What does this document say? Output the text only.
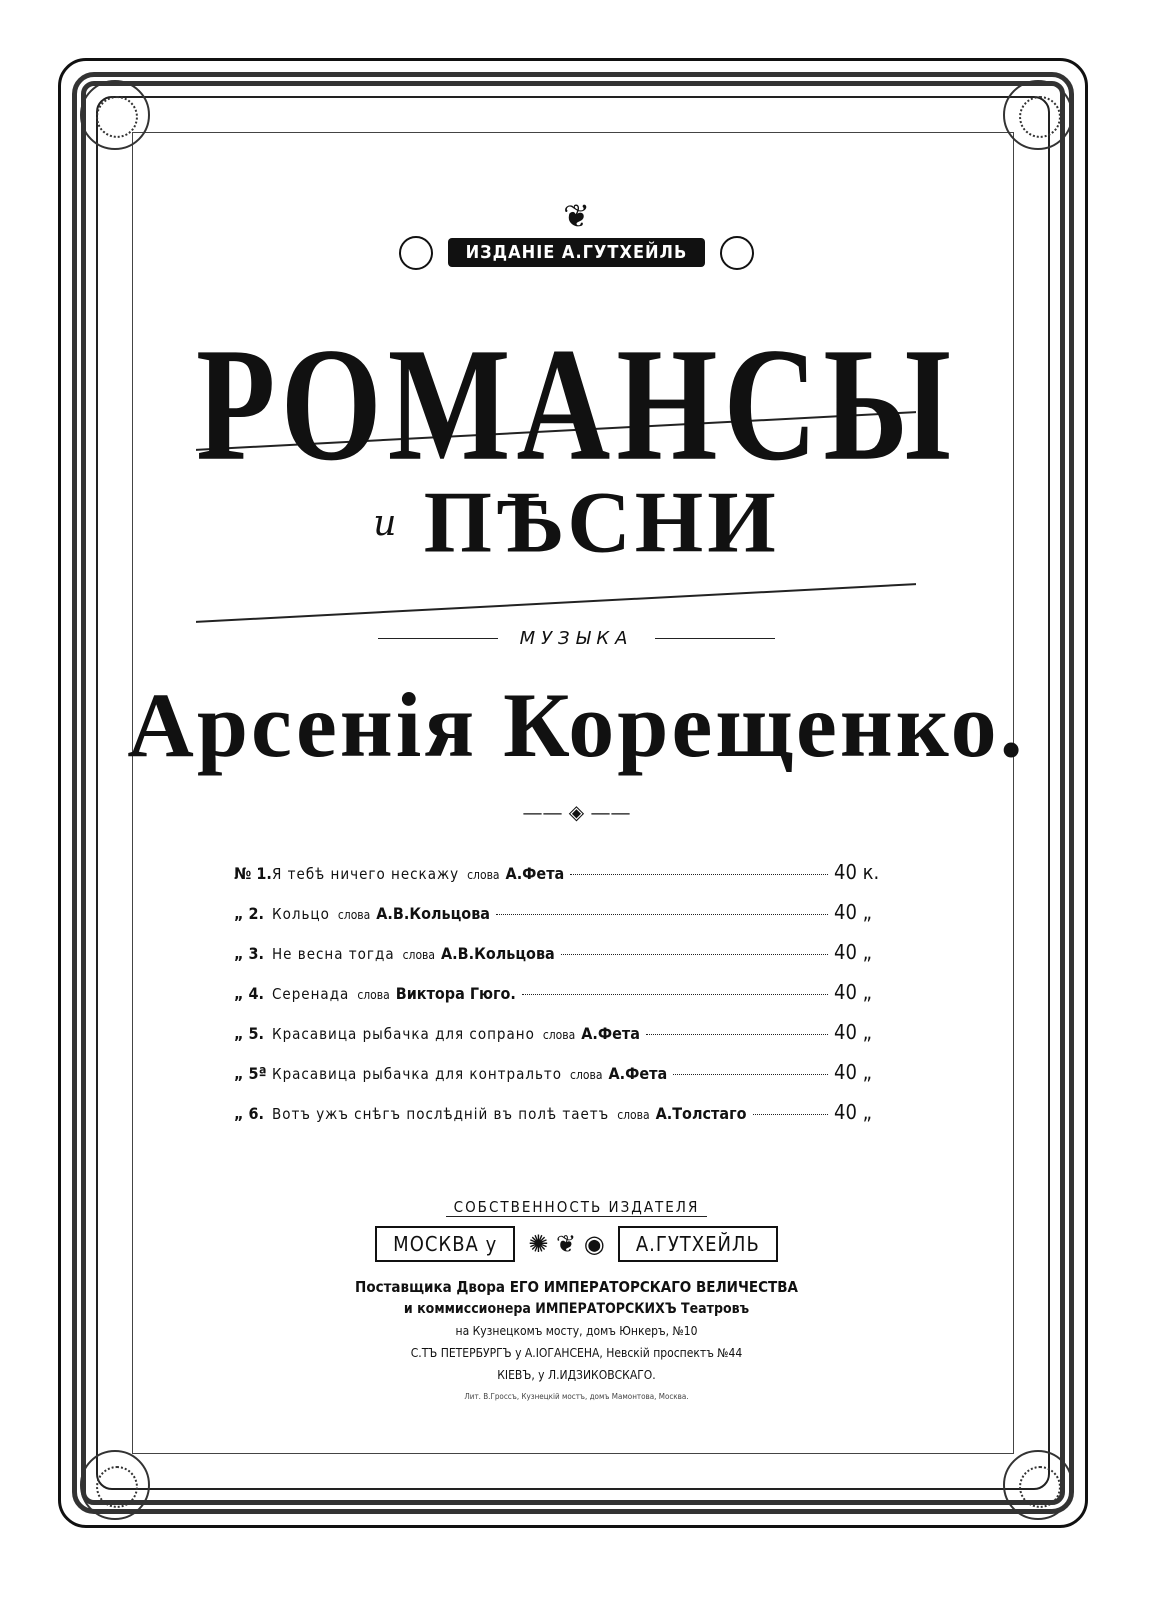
❦
ИЗДАНІЕ А.ГУТХЕЙЛЬ
РОМАНСЫ
и ПѢСНИ
МУЗЫКА
Арсенія Корещенко.
—— ◈ ——
№ 1. Я тебѣ ничего нескажу слова А.Фета	40 к.
„ 2. Кольцо слова А.В.Кольцова	40 „
„ 3. Не весна тогда слова А.В.Кольцова	40 „
„ 4. Серенада слова Виктора Гюго.	40 „
„ 5. Красавица рыбачка для сопрано слова А.Фета	40 „
„ 5ª Красавица рыбачка для контральто слова А.Фета	40 „
„ 6. Вотъ ужъ снѣгъ послѣдній въ полѣ таетъ слова А.Толстаго	40 „
СОБСТВЕННОСТЬ ИЗДАТЕЛЯ
МОСКВА у ✺ ❦ ◉ А.ГУТХЕЙЛЬ
Поставщика Двора ЕГО ИМПЕРАТОРСКАГО ВЕЛИЧЕСТВА
и коммиссионера ИМПЕРАТОРСКИХЪ Театровъ
на Кузнецкомъ мосту, домъ Юнкеръ, №10
С.ТЪ ПЕТЕРБУРГЪ у А.ІОГАНСЕНА, Невскій проспектъ №44
КІЕВЪ, у Л.ИДЗИКОВСКАГО.
Лит. В.Гроссъ, Кузнецкій мостъ, домъ Мамонтова, Москва.
